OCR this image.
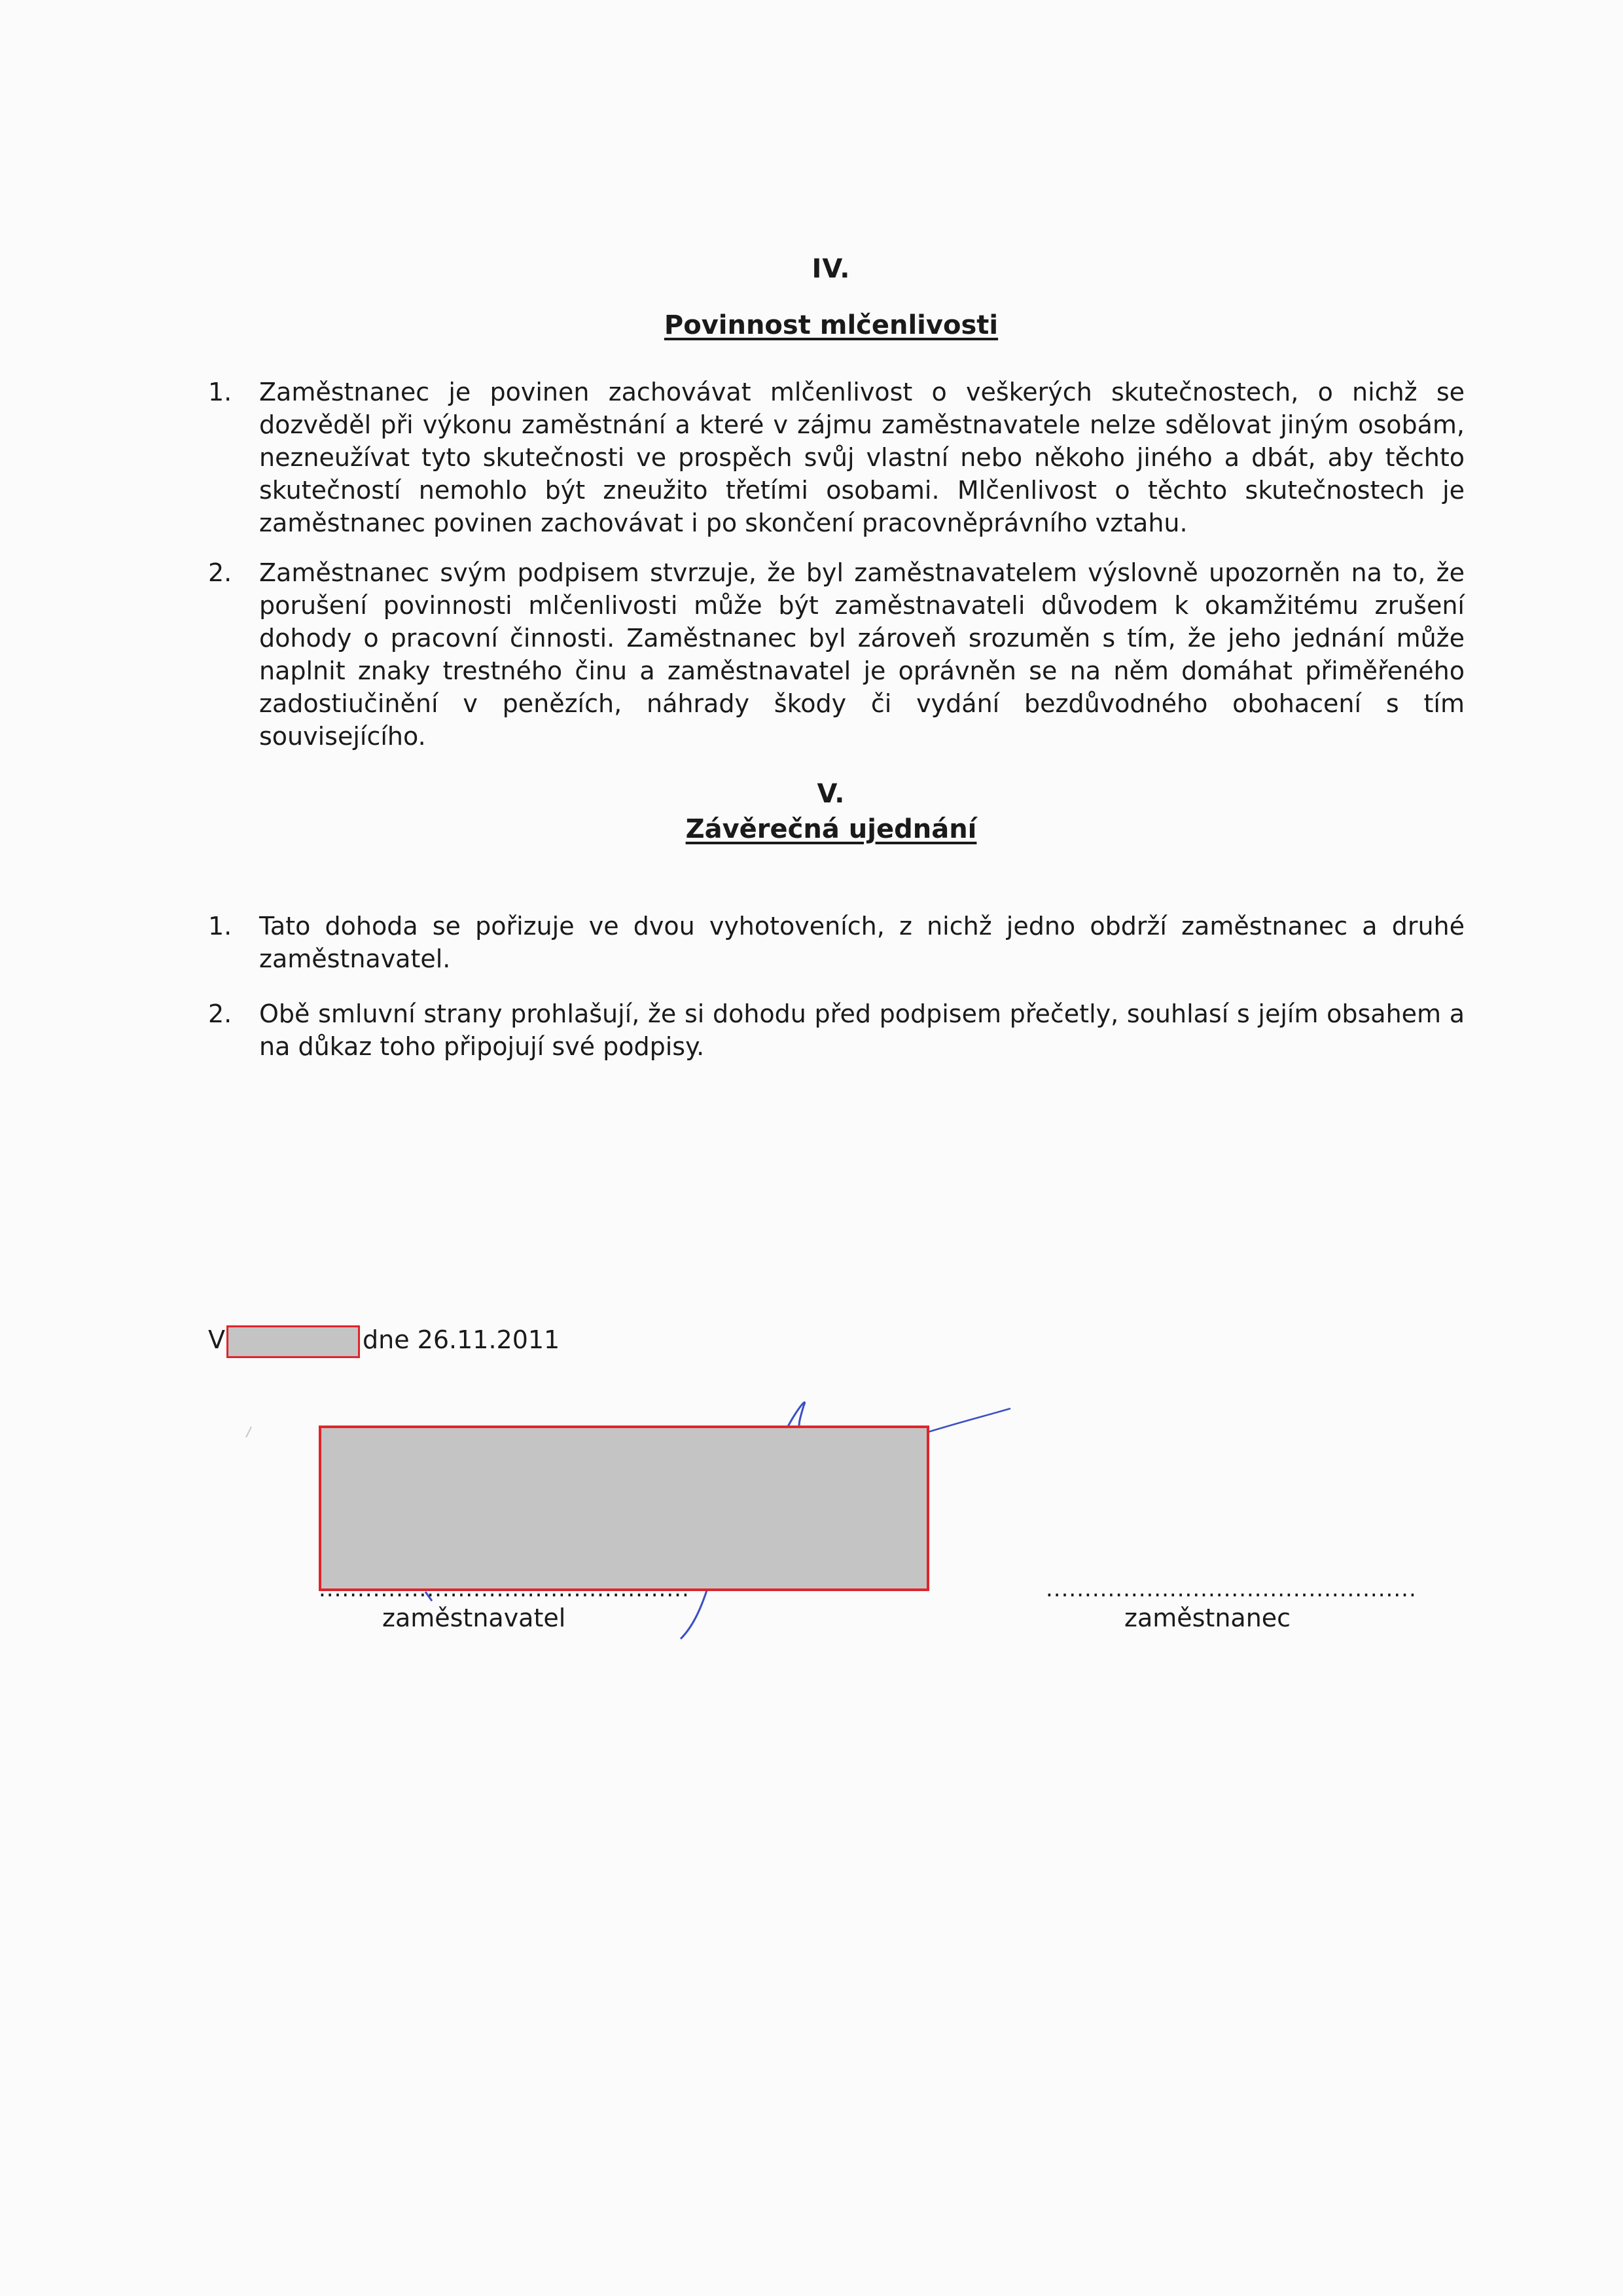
IV.
Povinnost mlčenlivosti
1.	Zaměstnanec je povinen zachovávat mlčenlivost o veškerých skutečnostech, o nichž se dozvěděl při výkonu zaměstnání a které v zájmu zaměstnavatele nelze sdělovat jiným osobám, nezneužívat tyto skutečnosti ve prospěch svůj vlastní nebo někoho jiného a dbát, aby těchto skutečností nemohlo být zneužito třetími osobami. Mlčenlivost o těchto skutečnostech je zaměstnanec povinen zachovávat i po skončení pracovněprávního vztahu.
2.	Zaměstnanec svým podpisem stvrzuje, že byl zaměstnavatelem výslovně upozorněn na to, že porušení povinnosti mlčenlivosti může být zaměstnavateli důvodem k okamžitému zrušení dohody o pracovní činnosti. Zaměstnanec byl zároveň srozuměn s tím, že jeho jednání může naplnit znaky trestného činu a zaměstnavatel je oprávněn se na něm domáhat přiměřeného zadostiučinění v penězích, náhrady škody či vydání bezdůvodného obohacení s tím souvisejícího.
V.
Závěrečná ujednání
1.	Tato dohoda se pořizuje ve dvou vyhotoveních, z nichž jedno obdrží zaměstnanec a druhé zaměstnavatel.
2.	Obě smluvní strany prohlašují, že si dohodu před podpisem přečetly, souhlasí s jejím obsahem a na důkaz toho připojují své podpisy.
V	dne 26.11.2011
................................................
zaměstnavatel
................................................
zaměstnanec
